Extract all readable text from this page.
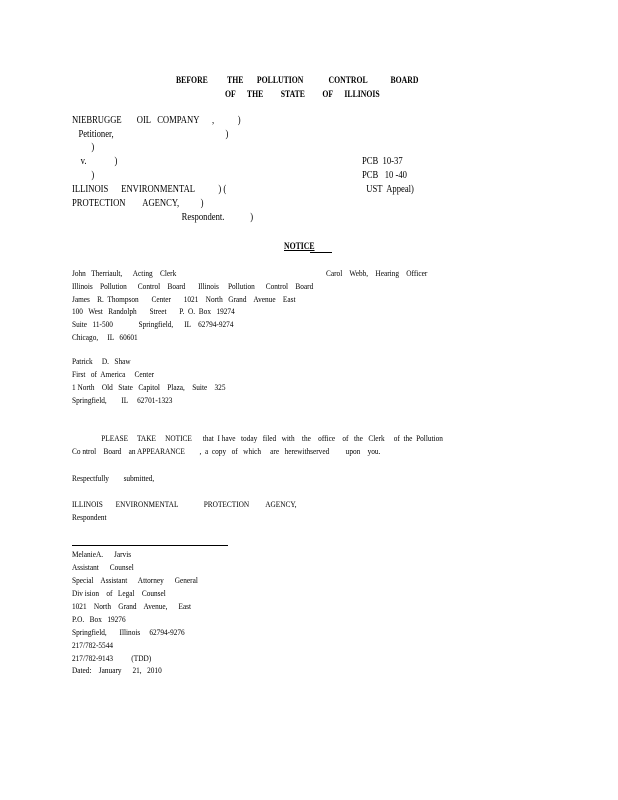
BEFORE          THE       POLLUTION             CONTROL            BOARD
OF      THE         STATE         OF      ILLINOIS
NIEBRUGGE       OIL   COMPANY      ,           )
Petitioner,                                                    )
)
v.             )
)
ILLINOIS      ENVIRONMENTAL           ) (
PROTECTION        AGENCY,          )
Respondent.            )
PCB  10-37
PCB   10 -40
UST  Appeal)
NOTICE
John   Therriault,      Acting    Clerk	Carol    Webb,    Hearing    Officer
Illinois    Pollution      Control    Board       Illinois     Pollution      Control    Board
James    R.  Thompson       Center       1021    North   Grand    Avenue    East
100   West   Randolph       Street       P.  O.  Box   19274
Suite   11-500              Springfield,      IL    62794-9274
Chicago,     IL   60601
Patrick     D.   Shaw
First   of  America     Center
1 North    Old   State   Capitol    Plaza,    Suite    325
Springfield,        IL     62701-1323
PLEASE     TAKE     NOTICE      that  I have   today   filed   with    the    office    of   the   Clerk     of  the  Pollution
Co ntrol    Board    an APPEARANCE        ,  a  copy   of   which     are   herewithserved         upon    you.
Respectfully        submitted,
ILLINOIS       ENVIRONMENTAL              PROTECTION         AGENCY,
Respondent
MelanieA.      Jarvis
Assistant      Counsel
Special    Assistant      Attorney      General
Div ision    of   Legal    Counsel
1021    North    Grand    Avenue,      East
P.O.   Box   19276
Springfield,       Illinois     62794-9276
217/782-5544
217/782-9143          (TDD)
Dated:    January      21,   2010
